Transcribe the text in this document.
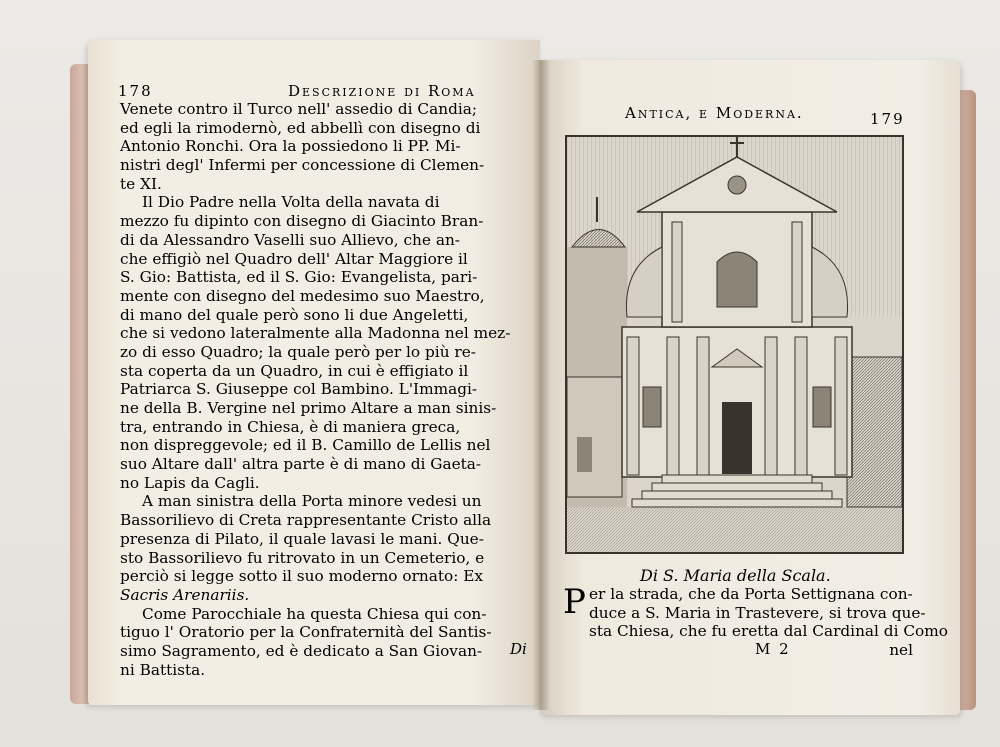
178	Descrizione di Roma
Venete contro il Turco nell' assedio di Candia;
ed egli la rimodernò, ed abbellì con disegno di
Antonio Ronchi. Ora la possiedono li PP. Mi-
nistri degl' Infermi per concessione di Clemen-
te XI.
Il Dio Padre nella Volta della navata di
mezzo fu dipinto con disegno di Giacinto Bran-
di da Alessandro Vaselli suo Allievo, che an-
che effigiò nel Quadro dell' Altar Maggiore il
S. Gio: Battista, ed il S. Gio: Evangelista, pari-
mente con disegno del medesimo suo Maestro,
di mano del quale però sono li due Angeletti,
che si vedono lateralmente alla Madonna nel mez-
zo di esso Quadro; la quale però per lo più re-
sta coperta da un Quadro, in cui è effigiato il
Patriarca S. Giuseppe col Bambino. L'Immagi-
ne della B. Vergine nel primo Altare a man sinis-
tra, entrando in Chiesa, è di maniera greca,
non dispreggevole; ed il B. Camillo de Lellis nel
suo Altare dall' altra parte è di mano di Gaeta-
no Lapis da Cagli.
A man sinistra della Porta minore vedesi un
Bassorilievo di Creta rappresentante Cristo alla
presenza di Pilato, il quale lavasi le mani. Que-
sto Bassorilievo fu ritrovato in un Cemeterio, e
perciò si legge sotto il suo moderno ornato: Ex
Sacris Arenariis.
Come Parocchiale ha questa Chiesa qui con-
tiguo l' Oratorio per la Confraternità del Santis-
simo Sagramento, ed è dedicato a San Giovan-
ni Battista.
Di
Antica, e Moderna.	179
Di S. Maria della Scala.
P er la strada, che da Porta Settignana con-
duce a S. Maria in Trastevere, si trova que-
sta Chiesa, che fu eretta dal Cardinal di Como
nel
M 2
